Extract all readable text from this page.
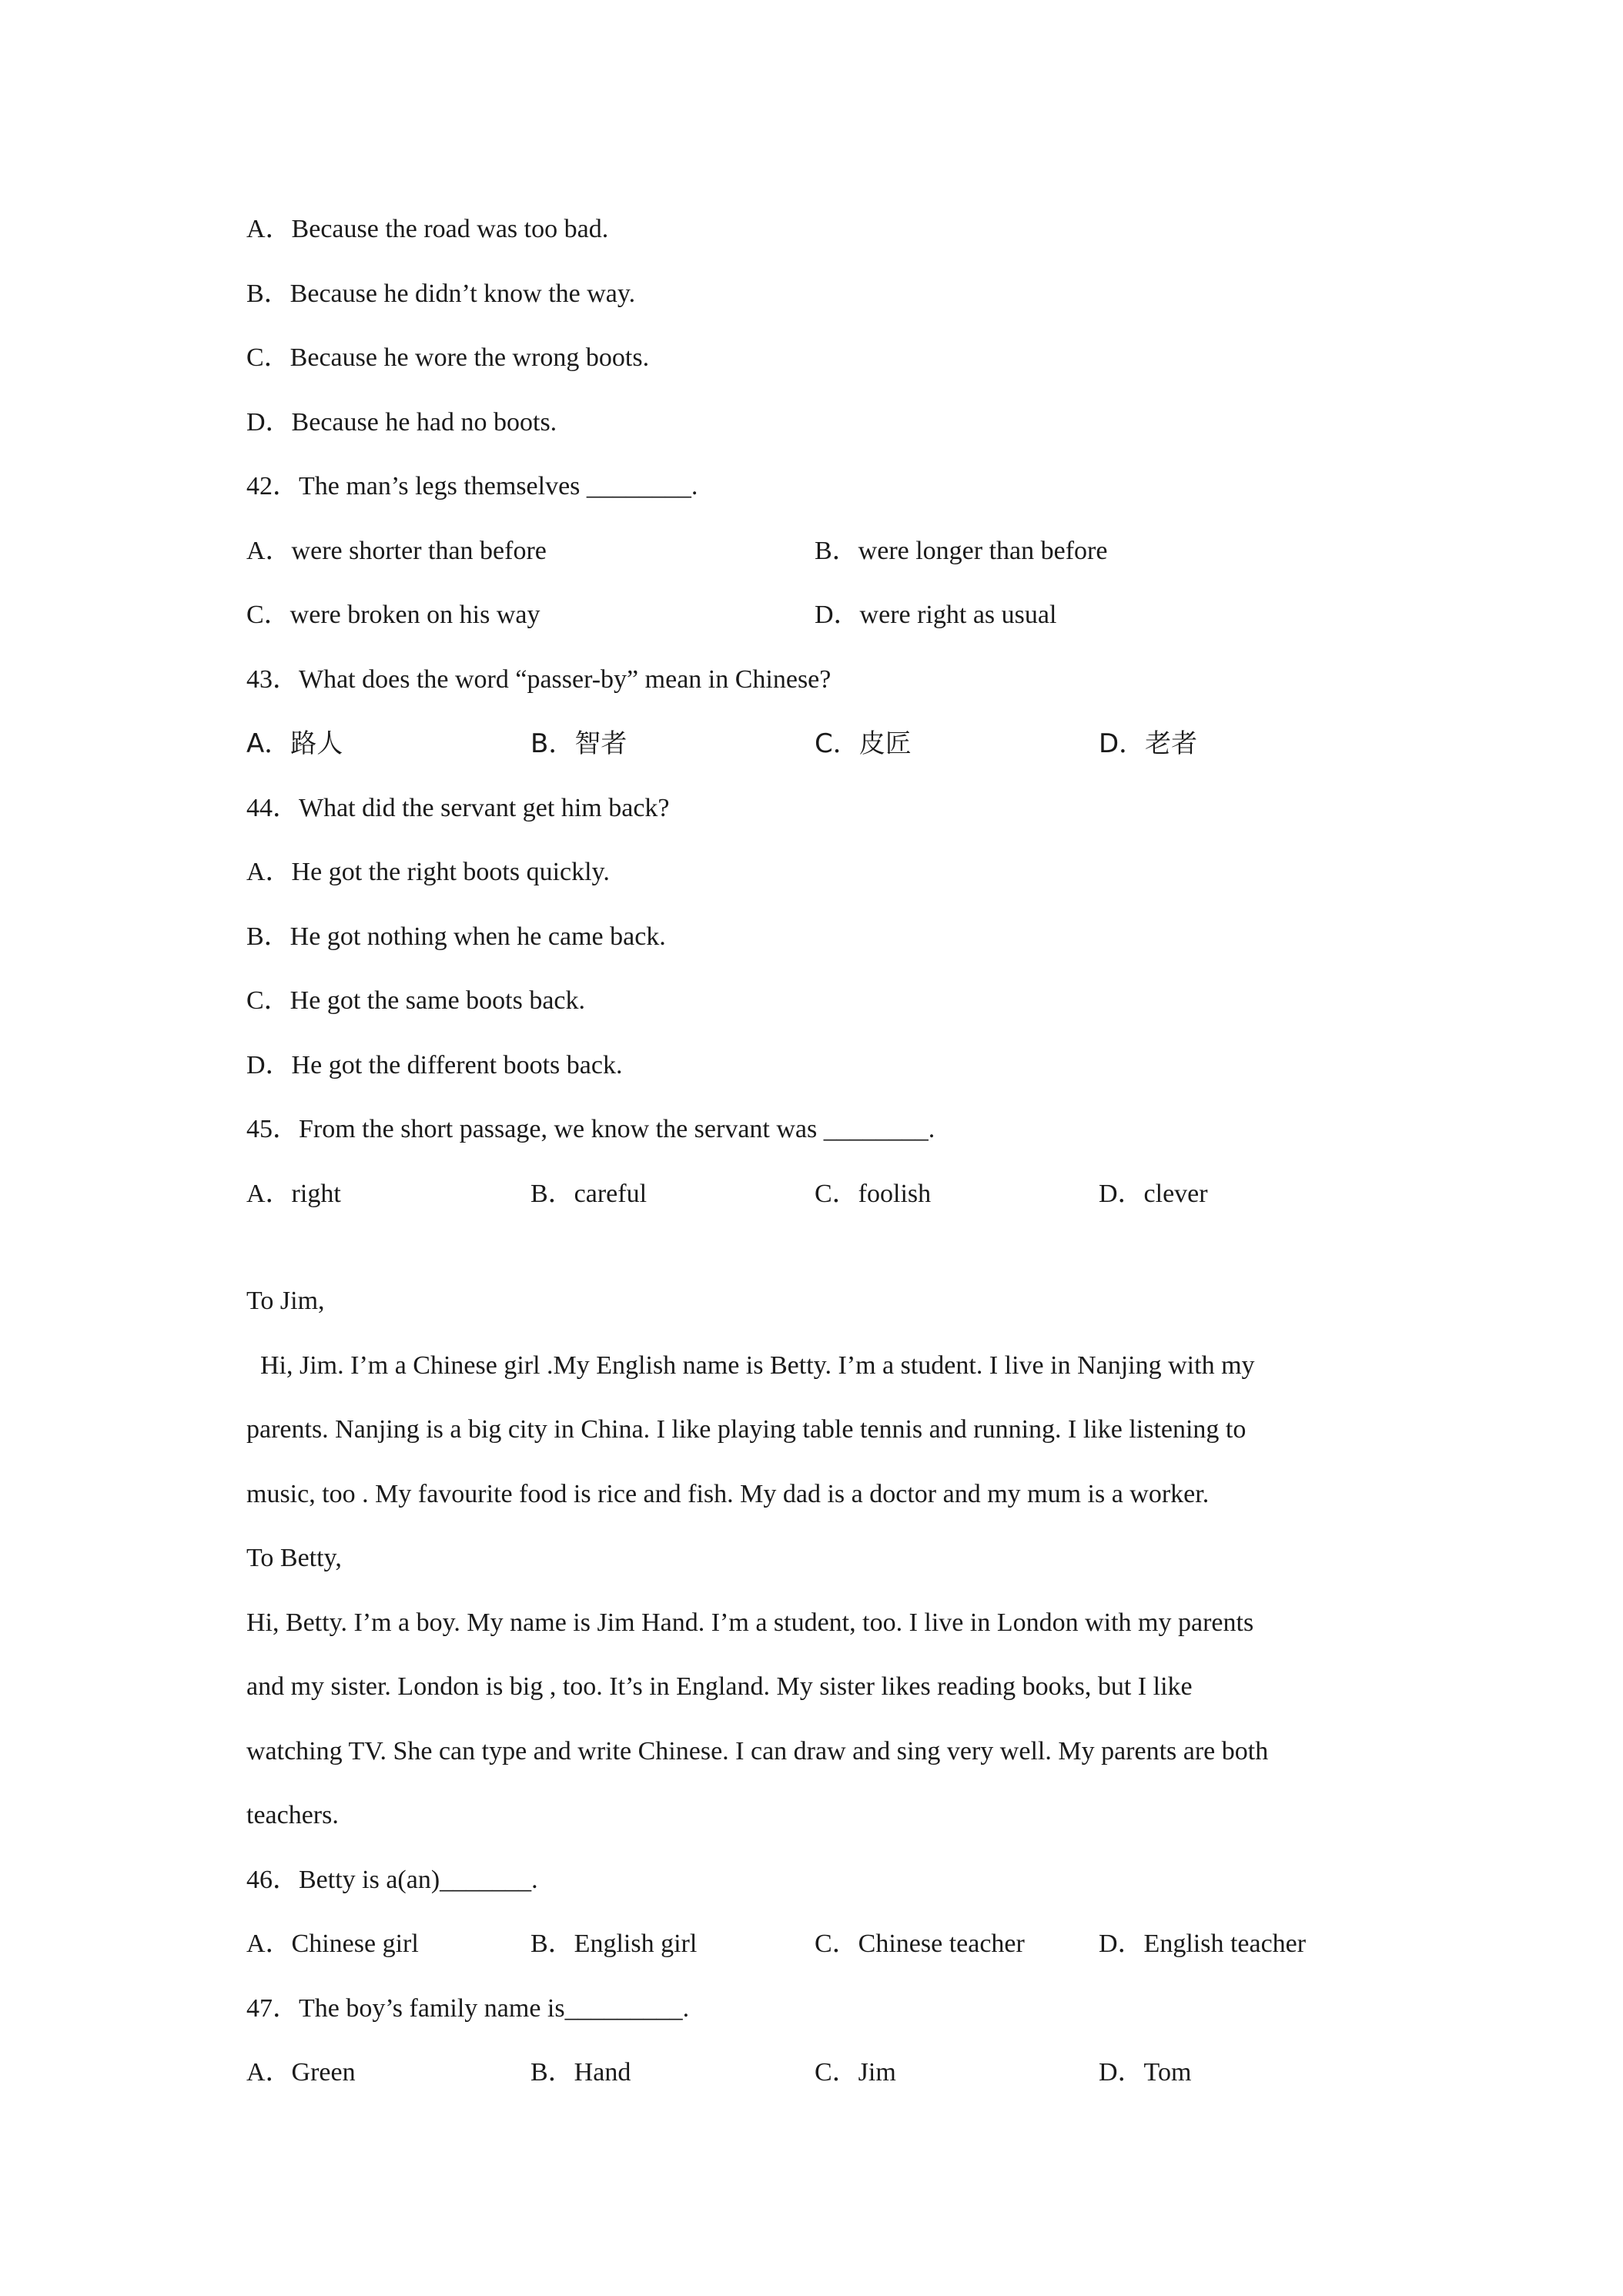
A．Because the road was too bad.
B．Because he didn’t know the way.
C．Because he wore the wrong boots.
D．Because he had no boots.
42．The man’s legs themselves ________.
A．were shorter than before	B．were longer than before
C．were broken on his way	D．were right as usual
43．What does the word “passer-by” mean in Chinese?
A．路人	B．智者	C．皮匠	D．老者
44．What did the servant get him back?
A．He got the right boots quickly.
B．He got nothing when he came back.
C．He got the same boots back.
D．He got the different boots back.
45．From the short passage, we know the servant was ________.
A．right	B．careful	C．foolish	D．clever
To Jim,
Hi, Jim. I’m a Chinese girl .My English name is Betty. I’m a student. I live in Nanjing with my
parents. Nanjing is a big city in China. I like playing table tennis and running. I like listening to
music, too . My favourite food is rice and fish. My dad is a doctor and my mum is a worker.
To Betty,
Hi, Betty. I’m a boy. My name is Jim Hand. I’m a student, too. I live in London with my parents
and my sister. London is big , too. It’s in England. My sister likes reading books, but I like
watching TV. She can type and write Chinese. I can draw and sing very well. My parents are both
teachers.
46．Betty is a(an)_______.
A．Chinese girl	B．English girl	C．Chinese teacher	D．English teacher
47．The boy’s family name is_________.
A．Green	B．Hand	C．Jim	D．Tom
